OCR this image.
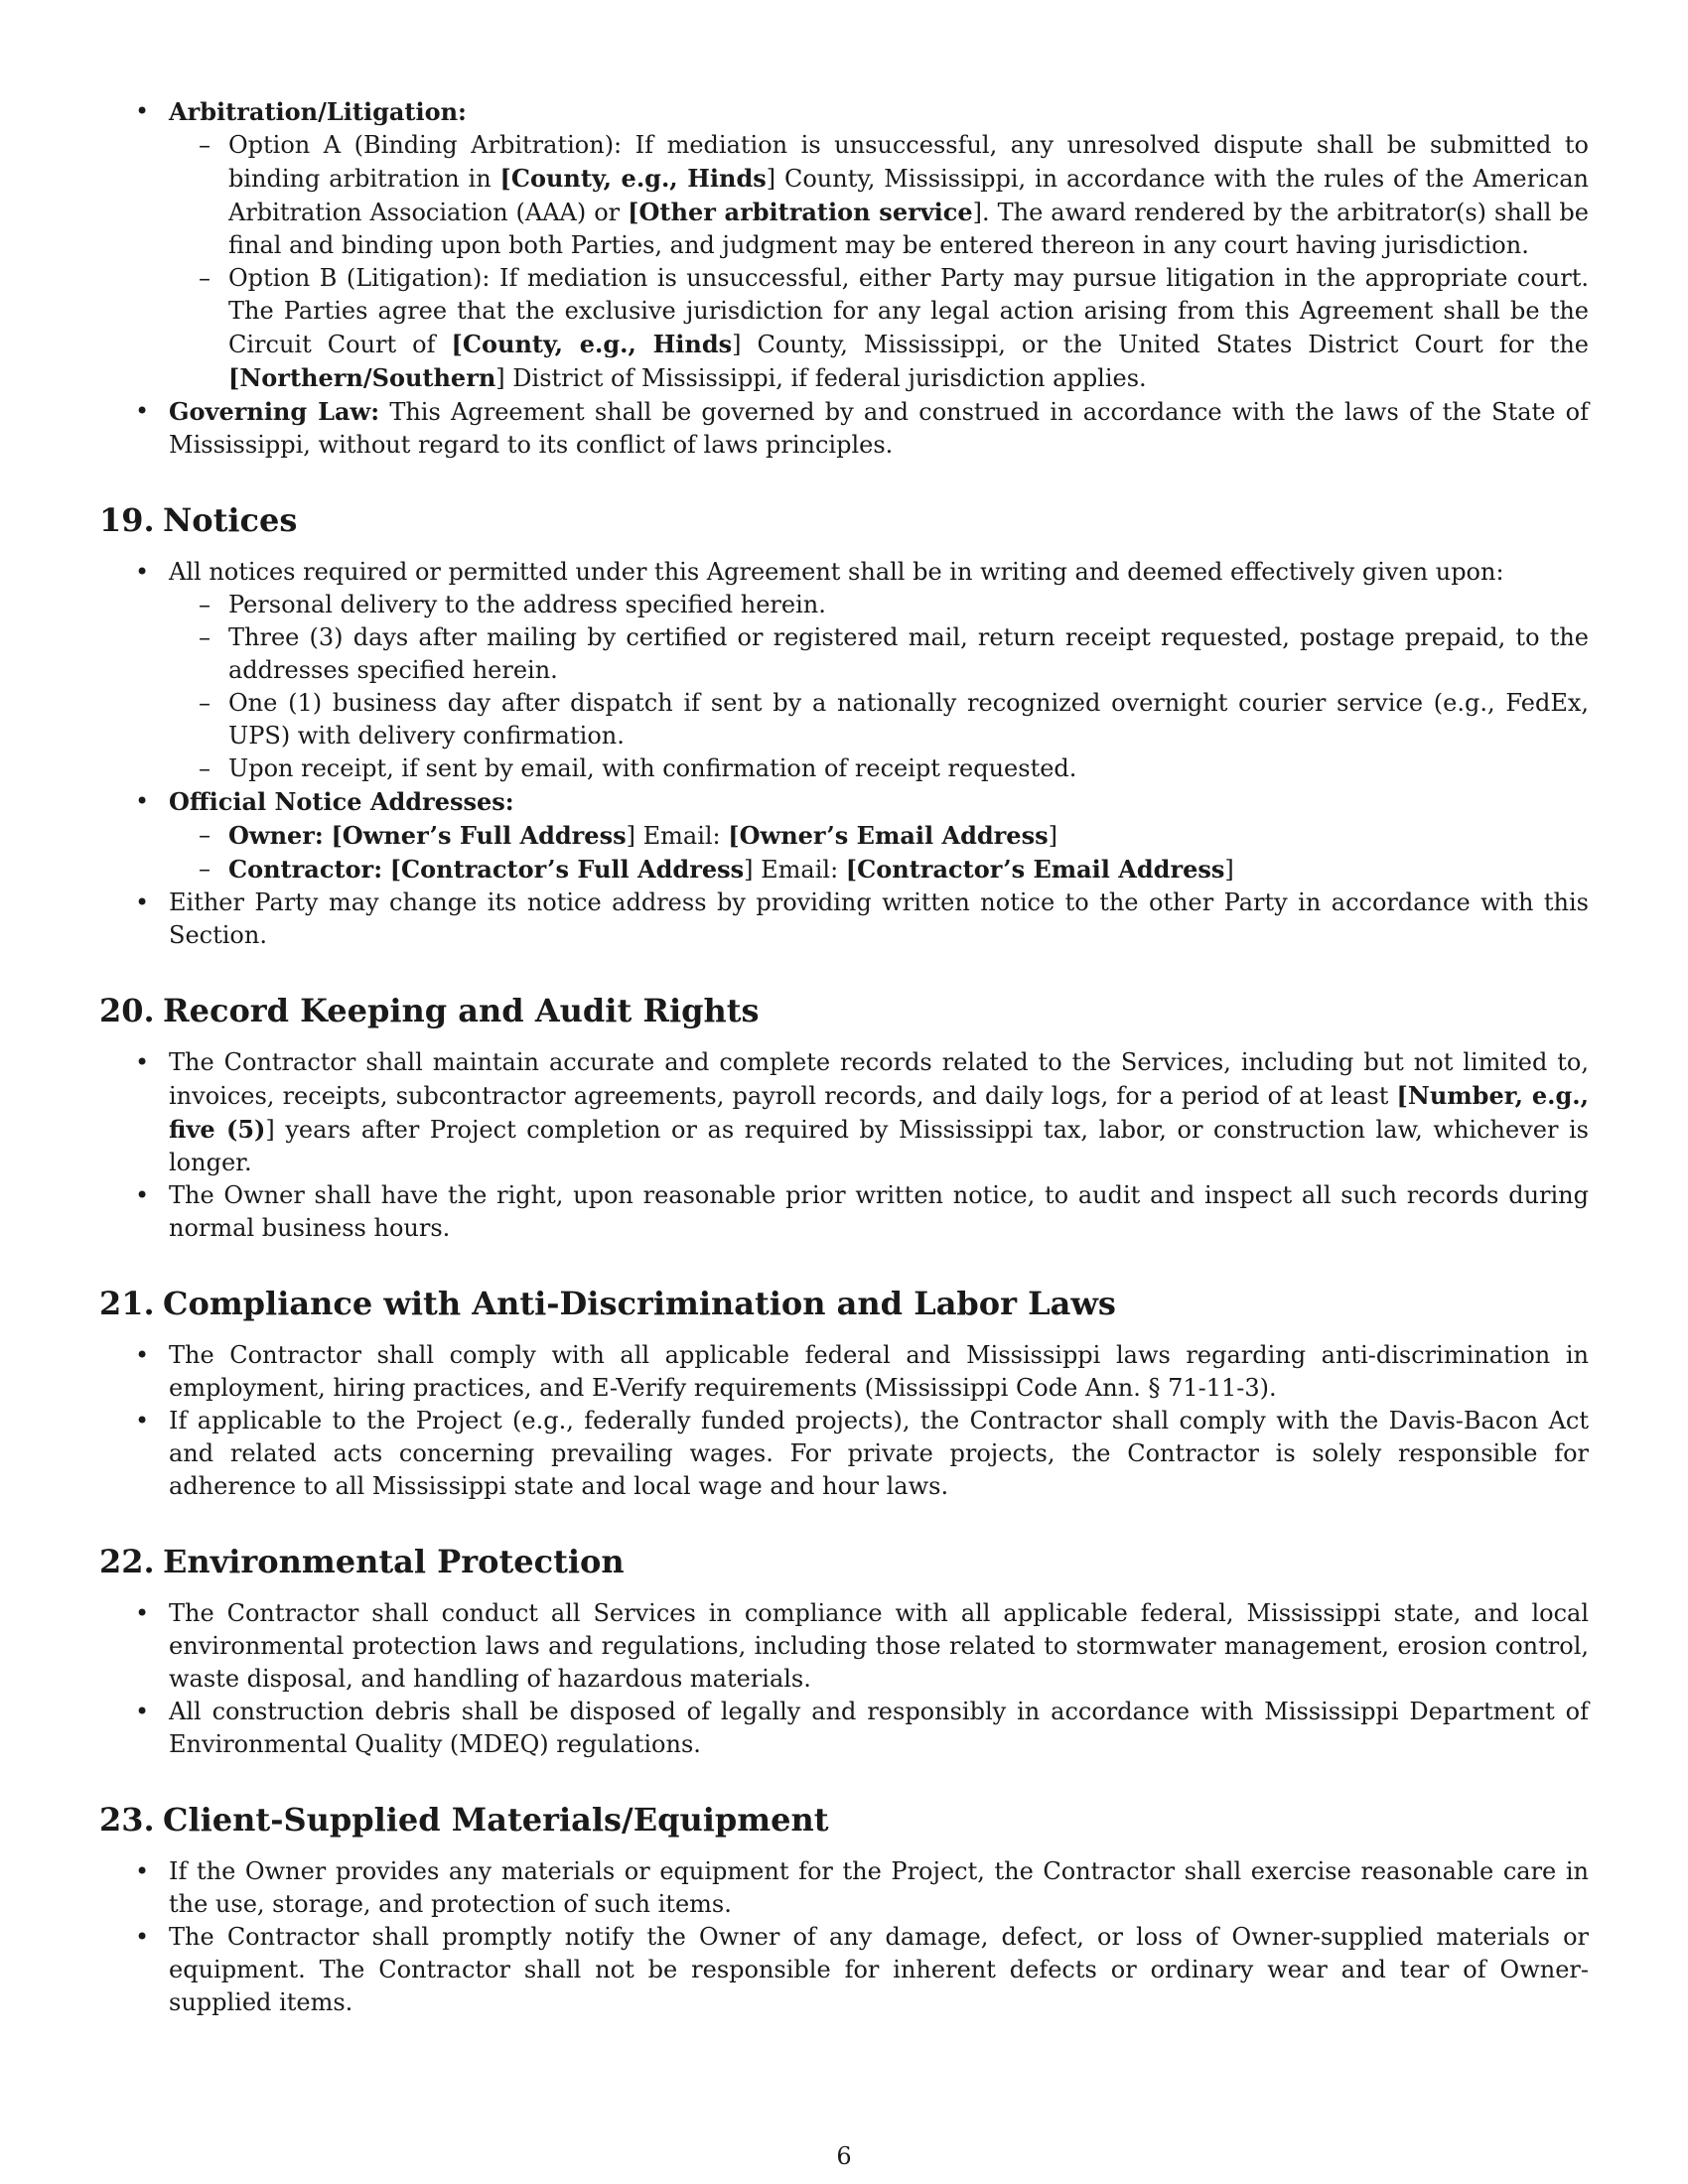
• Arbitration/Litigation:
– Option A (Binding Arbitration): If mediation is unsuccessful, any unresolved dispute shall be submitted to binding arbitration in [County, e.g., Hinds] County, Mississippi, in accordance with the rules of the American Arbitration Association (AAA) or [Other arbitration service]. The award rendered by the arbitrator(s) shall be final and binding upon both Parties, and judgment may be entered thereon in any court having jurisdiction.
– Option B (Litigation): If mediation is unsuccessful, either Party may pursue litigation in the appropriate court. The Parties agree that the exclusive jurisdiction for any legal action arising from this Agreement shall be the Circuit Court of [County, e.g., Hinds] County, Mississippi, or the United States District Court for the [Northern/Southern] District of Mississippi, if federal jurisdiction applies.
• Governing Law: This Agreement shall be governed by and construed in accordance with the laws of the State of Mississippi, without regard to its conflict of laws principles.
19. Notices
• All notices required or permitted under this Agreement shall be in writing and deemed effectively given upon:
– Personal delivery to the address specified herein.
– Three (3) days after mailing by certified or registered mail, return receipt requested, postage prepaid, to the addresses specified herein.
– One (1) business day after dispatch if sent by a nationally recognized overnight courier service (e.g., FedEx, UPS) with delivery confirmation.
– Upon receipt, if sent by email, with confirmation of receipt requested.
• Official Notice Addresses:
– Owner: [Owner’s Full Address] Email: [Owner’s Email Address]
– Contractor: [Contractor’s Full Address] Email: [Contractor’s Email Address]
• Either Party may change its notice address by providing written notice to the other Party in accordance with this Section.
20. Record Keeping and Audit Rights
• The Contractor shall maintain accurate and complete records related to the Services, including but not limited to, invoices, receipts, subcontractor agreements, payroll records, and daily logs, for a period of at least [Number, e.g., five (5)] years after Project completion or as required by Mississippi tax, labor, or construction law, whichever is longer.
• The Owner shall have the right, upon reasonable prior written notice, to audit and inspect all such records during normal business hours.
21. Compliance with Anti-Discrimination and Labor Laws
• The Contractor shall comply with all applicable federal and Mississippi laws regarding anti-discrimination in employment, hiring practices, and E-Verify requirements (Mississippi Code Ann. § 71-11-3).
• If applicable to the Project (e.g., federally funded projects), the Contractor shall comply with the Davis-Bacon Act and related acts concerning prevailing wages. For private projects, the Contractor is solely responsible for adherence to all Mississippi state and local wage and hour laws.
22. Environmental Protection
• The Contractor shall conduct all Services in compliance with all applicable federal, Mississippi state, and local environmental protection laws and regulations, including those related to stormwater management, erosion control, waste disposal, and handling of hazardous materials.
• All construction debris shall be disposed of legally and responsibly in accordance with Mississippi Department of Environmental Quality (MDEQ) regulations.
23. Client-Supplied Materials/Equipment
• If the Owner provides any materials or equipment for the Project, the Contractor shall exercise reasonable care in the use, storage, and protection of such items.
• The Contractor shall promptly notify the Owner of any damage, defect, or loss of Owner-supplied materials or equipment. The Contractor shall not be responsible for inherent defects or ordinary wear and tear of Owner-supplied items.
6
